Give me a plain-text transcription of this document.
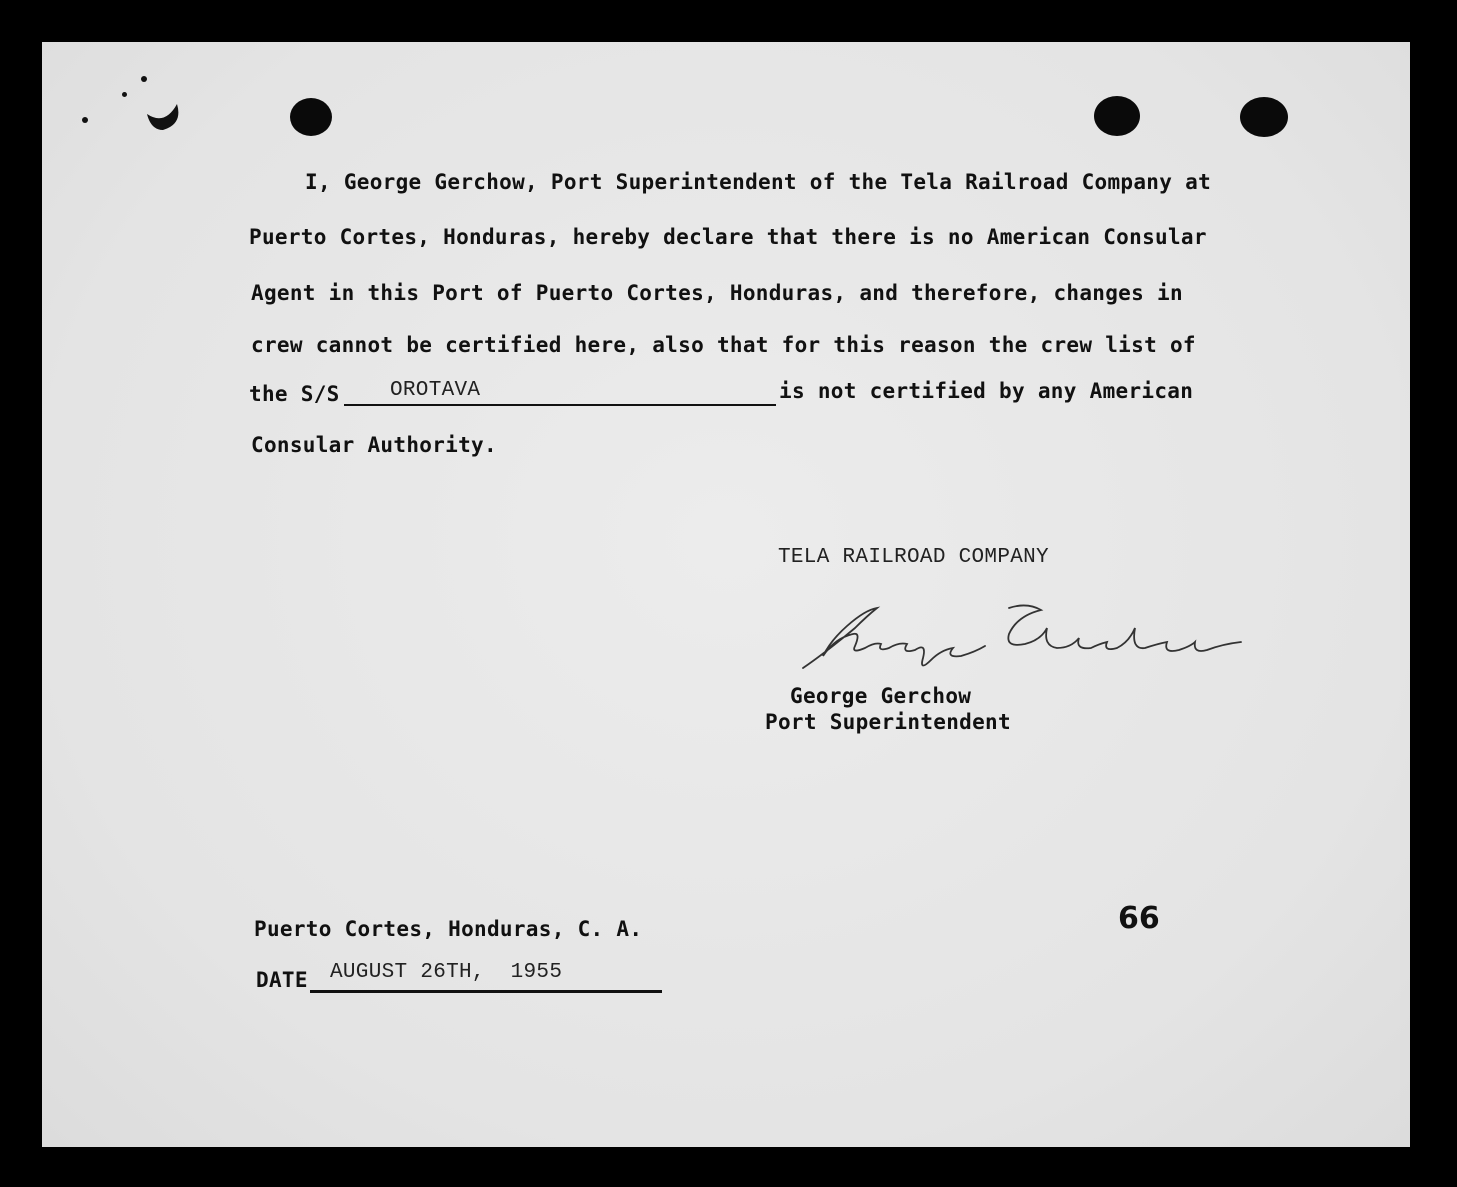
I, George Gerchow, Port Superintendent of the Tela Railroad Company at
Puerto Cortes, Honduras, hereby declare that there is no American Consular
Agent in this Port of Puerto Cortes, Honduras, and therefore, changes in
crew cannot be certified here, also that for this reason the crew list of
the S/S OROTAVA	is not certified by any American
Consular Authority.
TELA RAILROAD COMPANY
George Gerchow
Port Superintendent
Puerto Cortes, Honduras, C. A.
DATE AUGUST 26TH,  1955
66
